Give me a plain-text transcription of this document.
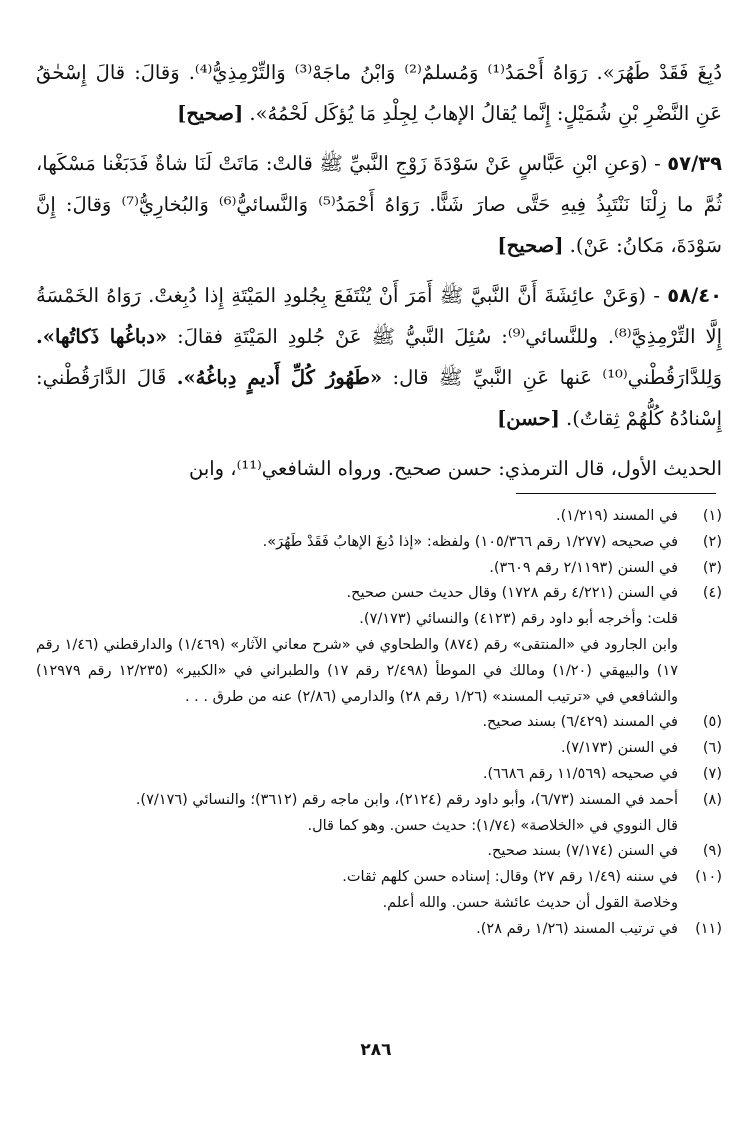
دُبِغَ فَقَدْ طَهُرَ». رَوَاهُ أَحْمَدُ⁽¹⁾ وَمُسلمٌ⁽²⁾ وَابْنُ ماجَهْ⁽³⁾ وَالتِّرْمِذِيُّ⁽⁴⁾. وَقالَ: قالَ إِسْحٰقُ عَنِ النَّضْرِ بْنِ شُمَيْلٍ: إِنَّما يُقالُ الإهابُ لِجِلْدِ مَا يُؤكَل لَحْمُهُ». [صحيح]

٥٧/٣٩ - (وَعنِ ابْنِ عَبَّاسٍ عَنْ سَوْدَةَ زَوْجِ النَّبيِّ ﷺ قالتْ: مَاتَتْ لَنَا شاةٌ فَدَبَغْنا مَسْكَها، ثُمَّ ما زِلْنَا نَنْتَبِذُ فِيهِ حَتَّى صارَ شَنًّا. رَوَاهُ أَحْمَدُ⁽⁵⁾ وَالنَّسائيُّ⁽⁶⁾ وَالبُخارِيُّ⁽⁷⁾ وَقالَ: إِنَّ سَوْدَةَ، مَكانُ: عَنْ). [صحيح]

٥٨/٤٠ - (وَعَنْ عائِشَةَ أَنَّ النَّبيَّ ﷺ أَمَرَ أَنْ يُنْتَفَعَ بِجُلودِ المَيْتَةِ إِذا دُبِغتْ. رَوَاهُ الخَمْسَةُ إِلَّا التِّرْمِذِيَّ⁽⁸⁾. وللنَّسائي⁽⁹⁾: سُئِلَ النَّبيُّ ﷺ عَنْ جُلودِ المَيْتَةِ فقالَ: «دباغُها ذَكاتُها». وَلِلدَّارَقُطْني⁽¹⁰⁾ عَنها عَنِ النَّبيِّ ﷺ قال: «طَهُورُ كُلِّ أَديمٍ دِباغُهُ». قَالَ الدَّارَقُطْني: إِسْنادُهُ كُلُّهُمْ ثِقاتٌ). [حسن]

الحديث الأول، قال الترمذي: حسن صحيح. ورواه الشافعي⁽¹¹⁾، وابن

(١)
في المسند (١/٢١٩).
(٢)
في صحيحه (١/٢٧٧ رقم ١٠٥/٣٦٦) ولفظه: «إذا دُبغَ الإهابُ فَقَدْ طَهُرَ».
(٣)
في السنن (٢/١١٩٣ رقم ٣٦٠٩).
(٤)
في السنن (٤/٢٢١ رقم ١٧٢٨) وقال حديث حسن صحيح.
قلت: وأخرجه أبو داود رقم (٤١٢٣) والنسائي (٧/١٧٣).
وابن الجارود في «المنتقى» رقم (٨٧٤) والطحاوي في «شرح معاني الآثار» (١/٤٦٩) والدارقطني (١/٤٦ رقم ١٧) والبيهقي (١/٢٠) ومالك في الموطأ (٢/٤٩٨ رقم ١٧) والطبراني في «الكبير» (١٢/٢٣٥ رقم ١٢٩٧٩) والشافعي في «ترتيب المسند» (١/٢٦ رقم ٢٨) والدارمي (٢/٨٦) عنه من طرق . . .
(٥)
في المسند (٦/٤٢٩) بسند صحيح.
(٦)
في السنن (٧/١٧٣).
(٧)
في صحيحه (١١/٥٦٩ رقم ٦٦٨٦).
(٨)
أحمد في المسند (٦/٧٣)، وأبو داود رقم (٢١٢٤)، وابن ماجه رقم (٣٦١٢)؛ والنسائي (٧/١٧٦).
قال النووي في «الخلاصة» (١/٧٤): حديث حسن. وهو كما قال.
(٩)
في السنن (٧/١٧٤) بسند صحيح.
(١٠)
في سننه (١/٤٩ رقم ٢٧) وقال: إسناده حسن كلهم ثقات.
وخلاصة القول أن حديث عائشة حسن. والله أعلم.
(١١)
في ترتيب المسند (١/٢٦ رقم ٢٨).
٢٨٦
